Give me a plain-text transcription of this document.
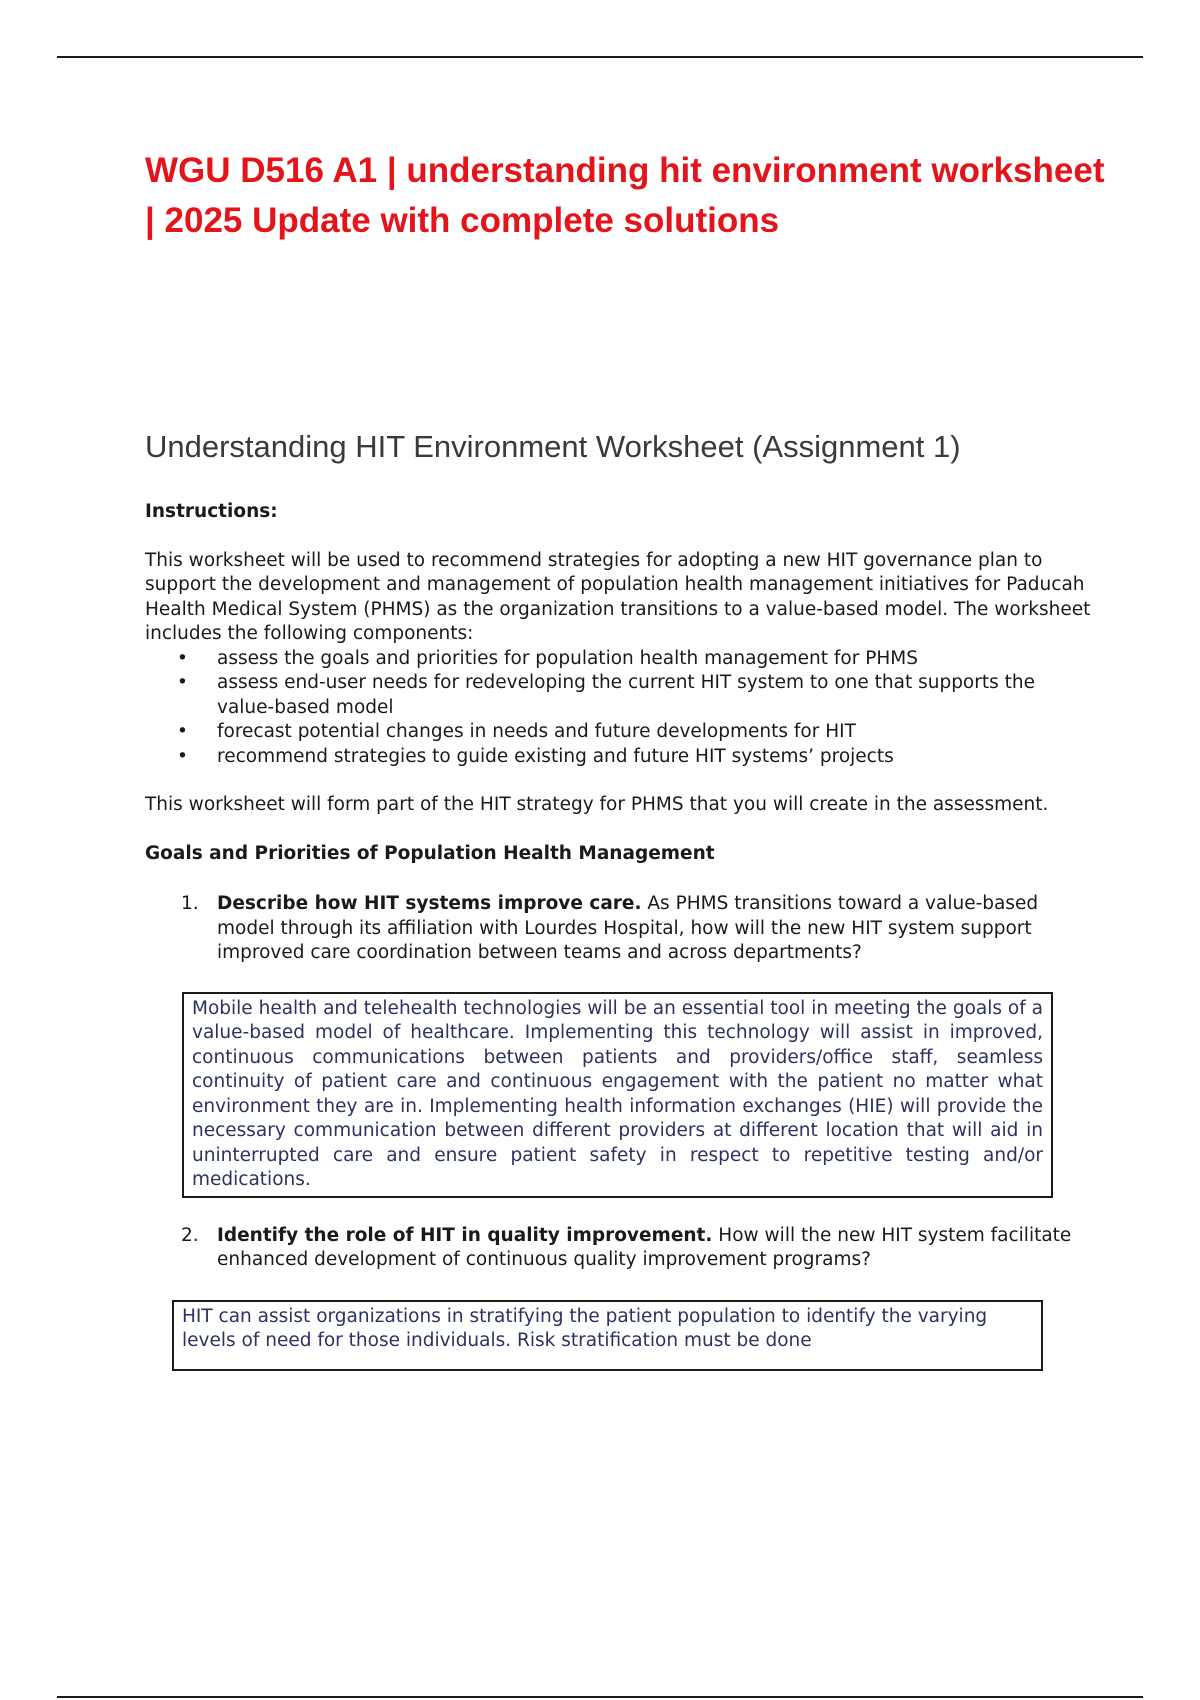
WGU D516 A1 | understanding hit environment worksheet | 2025 Update with complete solutions
Understanding HIT Environment Worksheet (Assignment 1)

Instructions:

This worksheet will be used to recommend strategies for adopting a new HIT governance plan to support the development and management of population health management initiatives for Paducah Health Medical System (PHMS) as the organization transitions to a value-based model. The worksheet includes the following components:

• assess the goals and priorities for population health management for PHMS
• assess end-user needs for redeveloping the current HIT system to one that supports the value-based model
• forecast potential changes in needs and future developments for HIT
• recommend strategies to guide existing and future HIT systems’ projects

This worksheet will form part of the HIT strategy for PHMS that you will create in the assessment.

Goals and Priorities of Population Health Management

1. Describe how HIT systems improve care. As PHMS transitions toward a value-based model through its affiliation with Lourdes Hospital, how will the new HIT system support improved care coordination between teams and across departments?
Mobile health and telehealth technologies will be an essential tool in meeting the goals of a value-based model of healthcare. Implementing this technology will assist in improved, continuous communications between patients and providers/office staff, seamless continuity of patient care and continuous engagement with the patient no matter what environment they are in. Implementing health information exchanges (HIE) will provide the necessary communication between different providers at different location that will aid in uninterrupted care and ensure patient safety in respect to repetitive testing and/or medications.
2. Identify the role of HIT in quality improvement. How will the new HIT system facilitate enhanced development of continuous quality improvement programs?
HIT can assist organizations in stratifying the patient population to identify the varying levels of need for those individuals. Risk stratification must be done
